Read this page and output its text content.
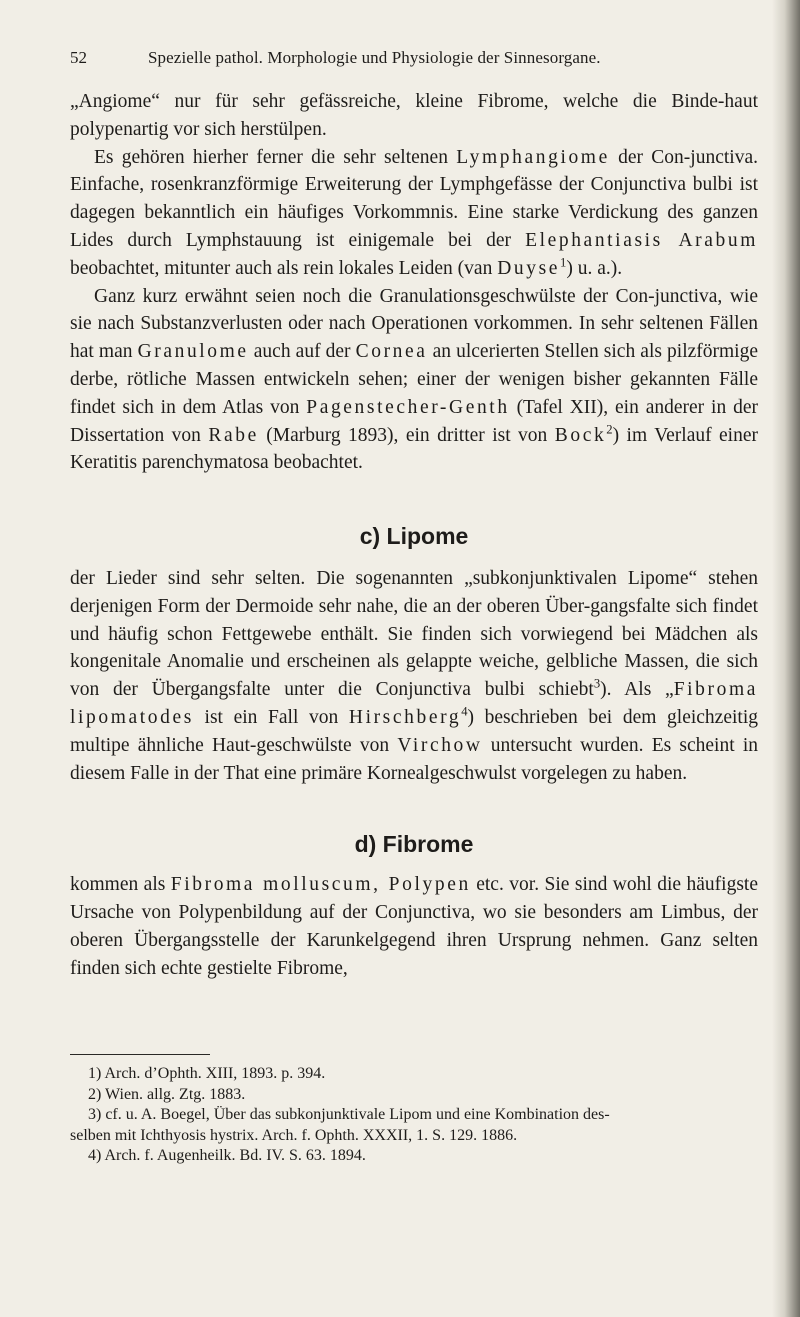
52	Spezielle pathol. Morphologie und Physiologie der Sinnesorgane.

„Angiome“ nur für sehr gefässreiche, kleine Fibrome, welche die Binde-haut polypenartig vor sich herstülpen.

Es gehören hierher ferner die sehr seltenen Lymphangiome der Con-junctiva. Einfache, rosenkranzförmige Erweiterung der Lymphgefässe der Conjunctiva bulbi ist dagegen bekanntlich ein häufiges Vorkommnis. Eine starke Verdickung des ganzen Lides durch Lymphstauung ist einigemale bei der Elephantiasis Arabum beobachtet, mitunter auch als rein lokales Leiden (van Duyse$^1$) u. a.).

Ganz kurz erwähnt seien noch die Granulationsgeschwülste der Con-junctiva, wie sie nach Substanzverlusten oder nach Operationen vorkommen. In sehr seltenen Fällen hat man Granulome auch auf der Cornea an ulcerierten Stellen sich als pilzförmige derbe, rötliche Massen entwickeln sehen; einer der wenigen bisher gekannten Fälle findet sich in dem Atlas von Pagenstecher-Genth (Tafel XII), ein anderer in der Dissertation von Rabe (Marburg 1893), ein dritter ist von Bock$^2$) im Verlauf einer Keratitis parenchymatosa beobachtet.

c) Lipome

der Lieder sind sehr selten. Die sogenannten „subkonjunktivalen Lipome“ stehen derjenigen Form der Dermoide sehr nahe, die an der oberen Über-gangsfalte sich findet und häufig schon Fettgewebe enthält. Sie finden sich vorwiegend bei Mädchen als kongenitale Anomalie und erscheinen als gelappte weiche, gelbliche Massen, die sich von der Übergangsfalte unter die Conjunctiva bulbi schiebt$^3$). Als „Fibroma lipomatodes ist ein Fall von Hirschberg$^4$) beschrieben bei dem gleichzeitig multipe ähnliche Haut-geschwülste von Virchow untersucht wurden. Es scheint in diesem Falle in der That eine primäre Kornealgeschwulst vorgelegen zu haben.

d) Fibrome

kommen als Fibroma molluscum, Polypen etc. vor. Sie sind wohl die häufigste Ursache von Polypenbildung auf der Conjunctiva, wo sie besonders am Limbus, der oberen Übergangsstelle der Karunkelgegend ihren Ursprung nehmen. Ganz selten finden sich echte gestielte Fibrome,

1) Arch. d’Ophth. XIII, 1893. p. 394.

2) Wien. allg. Ztg. 1883.

3) cf. u. A. Boegel, Über das subkonjunktivale Lipom und eine Kombination des-

selben mit Ichthyosis hystrix. Arch. f. Ophth. XXXII, 1. S. 129. 1886.

4) Arch. f. Augenheilk. Bd. IV. S. 63. 1894.
